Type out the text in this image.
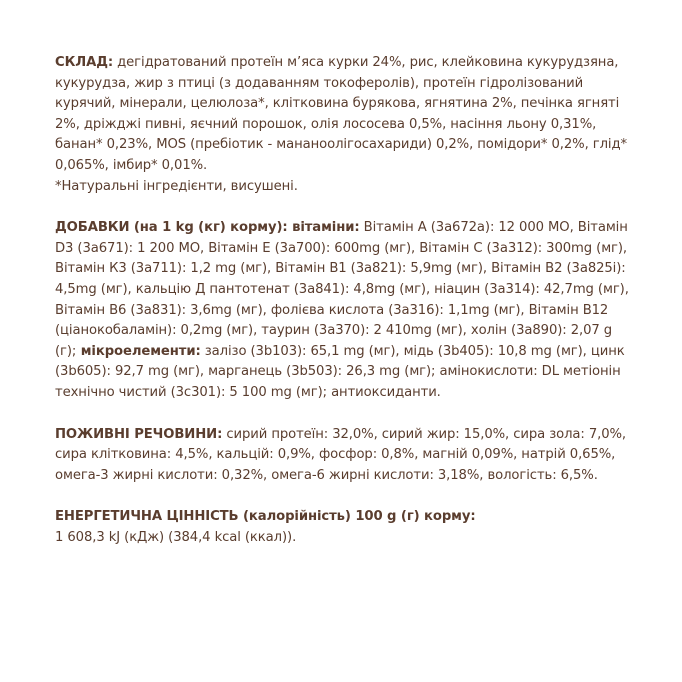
СКЛАД: дегідратований протеїн м’яса курки 24%, рис, клейковина кукурудзяна, кукурудза, жир з птиці (з додаванням токоферолів), протеїн гідролізований курячий, мінерали, целюлоза*, клітковина бурякова, ягнятина 2%, печінка ягняті 2%, дріжджі пивні, яєчний порошок, олія лососева 0,5%, насіння льону 0,31%, банан* 0,23%, MOS (пребіотик - мананоолігосахариди) 0,2%, помідори* 0,2%, глід* 0,065%, імбир* 0,01%.

*Натуральні інгредієнти, висушені.

ДОБАВКИ (на 1 kg (кг) корму): вітаміни: Вітамін А (3a672a): 12 000 МО, Вітамін D3 (3a671): 1 200 МО, Вітамін Е (3a700): 600mg (мг), Вітамін С (3a312): 300mg (мг), Вітамін К3 (3a711): 1,2 mg (мг), Вітамін В1 (3a821): 5,9mg (мг), Вітамін В2 (3a825i): 4,5mg (мг), кальцію Д пантотенат (3a841): 4,8mg (мг), ніацин (3a314): 42,7mg (мг), Вітамін В6 (3a831): 3,6mg (мг), фолієва кислота (3a316): 1,1mg (мг), Вітамін В12 (ціанокобаламін): 0,2mg (мг), таурин (3a370): 2 410mg (мг), холін (3a890): 2,07 g (г); мікроелементи: залізо (3b103): 65,1 mg (мг), мідь (3b405): 10,8 mg (мг), цинк (3b605): 92,7 mg (мг), марганець (3b503): 26,3 mg (мг); амінокислоти: DL метіонін технічно чистий (3c301): 5 100 mg (мг); антиоксиданти.

ПОЖИВНІ РЕЧОВИНИ: сирий протеїн: 32,0%, сирий жир: 15,0%, сира зола: 7,0%, сира клітковина: 4,5%, кальцій: 0,9%, фосфор: 0,8%, магній 0,09%, натрій 0,65%, омега-3 жирні кислоти: 0,32%, омега-6 жирні кислоти: 3,18%, вологість: 6,5%.

ЕНЕРГЕТИЧНА ЦІННІСТЬ (калорійність) 100 g (г) корму:
1 608,3 kJ (кДж) (384,4 kcal (ккал)).
